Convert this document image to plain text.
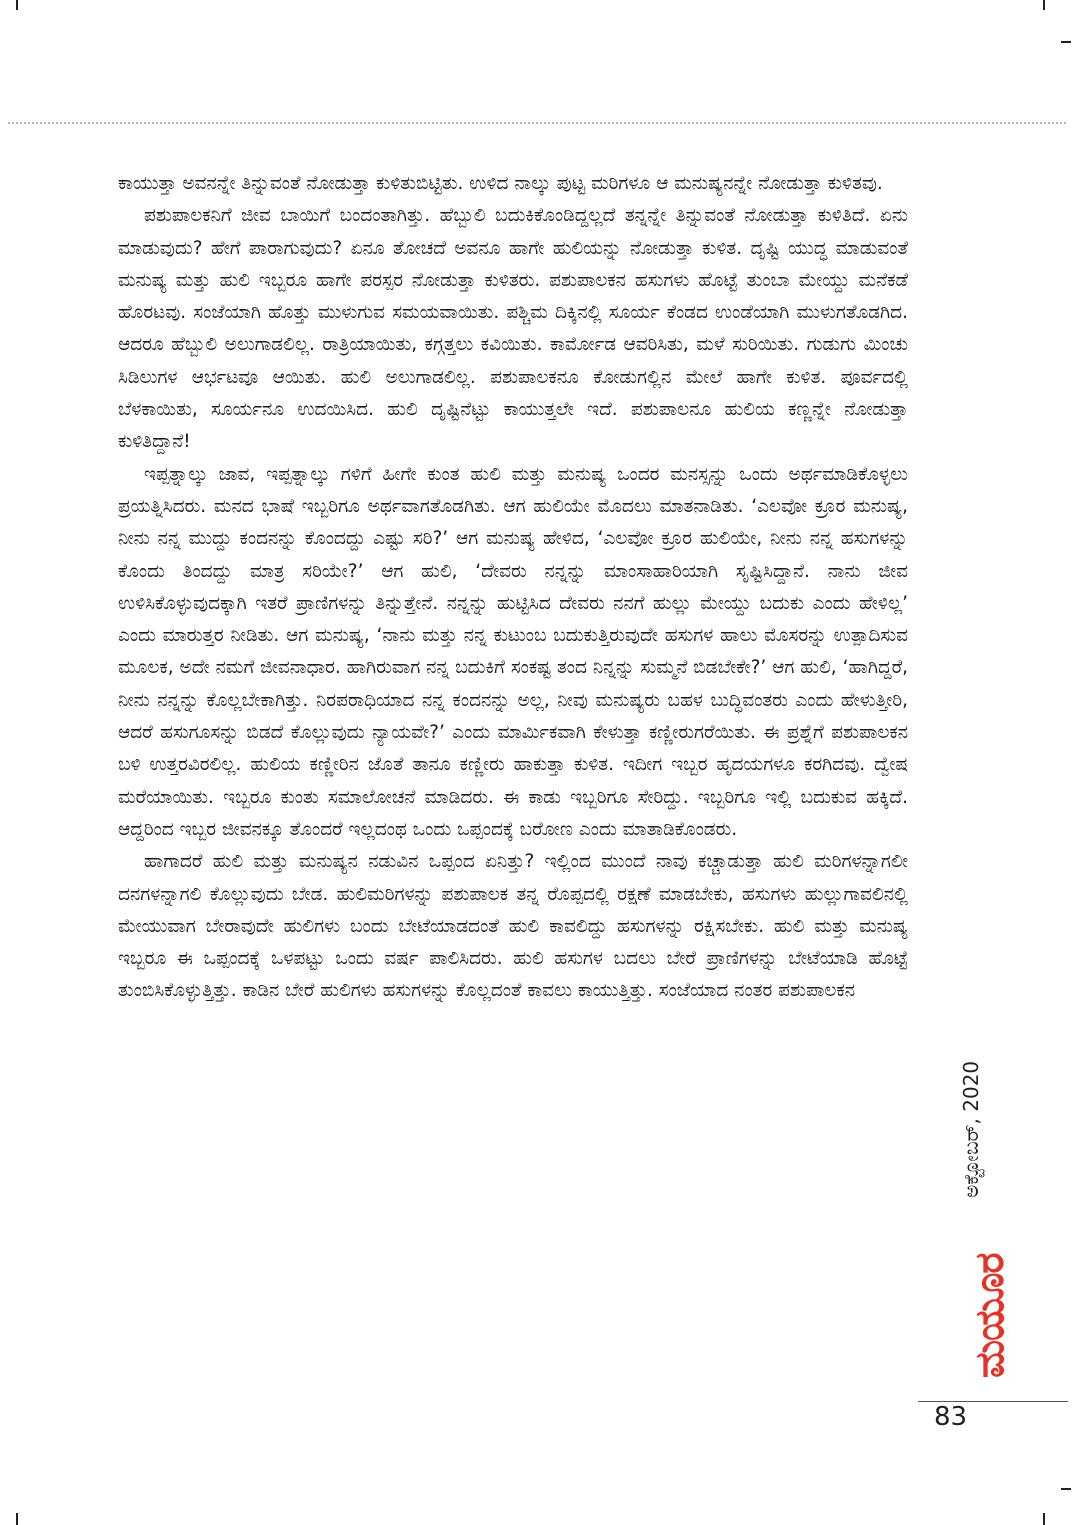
ಕಾಯುತ್ತಾ ಅವನನ್ನೇ ತಿನ್ನುವಂತೆ ನೋಡುತ್ತಾ ಕುಳಿತುಬಿಟ್ಟಿತು. ಉಳಿದ ನಾಲ್ಕು ಪುಟ್ಟ ಮರಿಗಳೂ ಆ ಮನುಷ್ಯನನ್ನೇ ನೋಡುತ್ತಾ ಕುಳಿತವು.

ಪಶುಪಾಲಕನಿಗೆ ಜೀವ ಬಾಯಿಗೆ ಬಂದಂತಾಗಿತ್ತು. ಹೆಬ್ಬುಲಿ ಬದುಕಿಕೊಂಡಿದ್ದಲ್ಲದೆ ತನ್ನನ್ನೇ ತಿನ್ನುವಂತೆ ನೋಡುತ್ತಾ ಕುಳಿತಿದೆ. ಏನು ಮಾಡುವುದು? ಹೇಗೆ ಪಾರಾಗುವುದು? ಏನೂ ತೋಚದೆ ಅವನೂ ಹಾಗೇ ಹುಲಿಯನ್ನು ನೋಡುತ್ತಾ ಕುಳಿತ. ದೃಷ್ಟಿ ಯುದ್ಧ ಮಾಡುವಂತೆ ಮನುಷ್ಯ ಮತ್ತು ಹುಲಿ ಇಬ್ಬರೂ ಹಾಗೇ ಪರಸ್ಪರ ನೋಡುತ್ತಾ ಕುಳಿತರು. ಪಶುಪಾಲಕನ ಹಸುಗಳು ಹೊಟ್ಟೆ ತುಂಬಾ ಮೇಯ್ದು ಮನೆಕಡೆ ಹೊರಟವು. ಸಂಜೆಯಾಗಿ ಹೊತ್ತು ಮುಳುಗುವ ಸಮಯವಾಯಿತು. ಪಶ್ಚಿಮ ದಿಕ್ಕಿನಲ್ಲಿ ಸೂರ್ಯ ಕೆಂಡದ ಉಂಡೆಯಾಗಿ ಮುಳುಗತೊಡಗಿದ. ಆದರೂ ಹೆಬ್ಬುಲಿ ಅಲುಗಾಡಲಿಲ್ಲ. ರಾತ್ರಿಯಾಯಿತು, ಕಗ್ಗತ್ತಲು ಕವಿಯಿತು. ಕಾರ್ಮೋಡ ಆವರಿಸಿತು, ಮಳೆ ಸುರಿಯಿತು. ಗುಡುಗು ಮಿಂಚು ಸಿಡಿಲುಗಳ ಆರ್ಭಟವೂ ಆಯಿತು. ಹುಲಿ ಅಲುಗಾಡಲಿಲ್ಲ. ಪಶುಪಾಲಕನೂ ಕೋಡುಗಲ್ಲಿನ ಮೇಲೆ ಹಾಗೇ ಕುಳಿತ. ಪೂರ್ವದಲ್ಲಿ ಬೆಳಕಾಯಿತು, ಸೂರ್ಯನೂ ಉದಯಿಸಿದ. ಹುಲಿ ದೃಷ್ಟಿನೆಟ್ಟು ಕಾಯುತ್ತಲೇ ಇದೆ. ಪಶುಪಾಲನೂ ಹುಲಿಯ ಕಣ್ಣನ್ನೇ ನೋಡುತ್ತಾ ಕುಳಿತಿದ್ದಾನೆ!

ಇಪ್ಪತ್ನಾಲ್ಕು ಜಾವ, ಇಪ್ಪತ್ನಾಲ್ಕು ಗಳಿಗೆ ಹೀಗೇ ಕುಂತ ಹುಲಿ ಮತ್ತು ಮನುಷ್ಯ ಒಂದರ ಮನಸ್ಸನ್ನು ಒಂದು ಅರ್ಥಮಾಡಿಕೊಳ್ಳಲು ಪ್ರಯತ್ನಿಸಿದರು. ಮನದ ಭಾಷೆ ಇಬ್ಬರಿಗೂ ಅರ್ಥವಾಗತೊಡಗಿತು. ಆಗ ಹುಲಿಯೇ ಮೊದಲು ಮಾತನಾಡಿತು. ‘ಎಲವೋ ಕ್ರೂರ ಮನುಷ್ಯ, ನೀನು ನನ್ನ ಮುದ್ದು ಕಂದನನ್ನು ಕೊಂದದ್ದು ಎಷ್ಟು ಸರಿ?’ ಆಗ ಮನುಷ್ಯ ಹೇಳಿದ, ‘ಎಲವೋ ಕ್ರೂರ ಹುಲಿಯೇ, ನೀನು ನನ್ನ ಹಸುಗಳನ್ನು ಕೊಂದು ತಿಂದದ್ದು ಮಾತ್ರ ಸರಿಯೇ?’ ಆಗ ಹುಲಿ, ‘ದೇವರು ನನ್ನನ್ನು ಮಾಂಸಾಹಾರಿಯಾಗಿ ಸೃಷ್ಟಿಸಿದ್ದಾನೆ. ನಾನು ಜೀವ ಉಳಿಸಿಕೊಳ್ಳುವುದಕ್ಕಾಗಿ ಇತರೆ ಪ್ರಾಣಿಗಳನ್ನು ತಿನ್ನುತ್ತೇನೆ. ನನ್ನನ್ನು ಹುಟ್ಟಿಸಿದ ದೇವರು ನನಗೆ ಹುಲ್ಲು ಮೇಯ್ದು ಬದುಕು ಎಂದು ಹೇಳಿಲ್ಲ’ ಎಂದು ಮಾರುತ್ತರ ನೀಡಿತು. ಆಗ ಮನುಷ್ಯ, ‘ನಾನು ಮತ್ತು ನನ್ನ ಕುಟುಂಬ ಬದುಕುತ್ತಿರುವುದೇ ಹಸುಗಳ ಹಾಲು ಮೊಸರನ್ನು ಉತ್ಪಾದಿಸುವ ಮೂಲಕ, ಅದೇ ನಮಗೆ ಜೀವನಾಧಾರ. ಹಾಗಿರುವಾಗ ನನ್ನ ಬದುಕಿಗೆ ಸಂಕಷ್ಟ ತಂದ ನಿನ್ನನ್ನು ಸುಮ್ಮನೆ ಬಿಡಬೇಕೇ?’ ಆಗ ಹುಲಿ, ‘ಹಾಗಿದ್ದರೆ, ನೀನು ನನ್ನನ್ನು ಕೊಲ್ಲಬೇಕಾಗಿತ್ತು. ನಿರಪರಾಧಿಯಾದ ನನ್ನ ಕಂದನನ್ನು ಅಲ್ಲ, ನೀವು ಮನುಷ್ಯರು ಬಹಳ ಬುದ್ಧಿವಂತರು ಎಂದು ಹೇಳುತ್ತೀರಿ, ಆದರೆ ಹಸುಗೂಸನ್ನು ಬಿಡದೆ ಕೊಲ್ಲುವುದು ನ್ಯಾಯವೇ?’ ಎಂದು ಮಾರ್ಮಿಕವಾಗಿ ಕೇಳುತ್ತಾ ಕಣ್ಣೀರುಗರೆಯಿತು. ಈ ಪ್ರಶ್ನೆಗೆ ಪಶುಪಾಲಕನ ಬಳಿ ಉತ್ತರವಿರಲಿಲ್ಲ. ಹುಲಿಯ ಕಣ್ಣೀರಿನ ಜೊತೆ ತಾನೂ ಕಣ್ಣೀರು ಹಾಕುತ್ತಾ ಕುಳಿತ. ಇದೀಗ ಇಬ್ಬರ ಹೃದಯಗಳೂ ಕರಗಿದವು. ದ್ವೇಷ ಮರೆಯಾಯಿತು. ಇಬ್ಬರೂ ಕುಂತು ಸಮಾಲೋಚನೆ ಮಾಡಿದರು. ಈ ಕಾಡು ಇಬ್ಬರಿಗೂ ಸೇರಿದ್ದು. ಇಬ್ಬರಿಗೂ ಇಲ್ಲಿ ಬದುಕುವ ಹಕ್ಕಿದೆ. ಆದ್ದರಿಂದ ಇಬ್ಬರ ಜೀವನಕ್ಕೂ ತೊಂದರೆ ಇಲ್ಲದಂಥ ಒಂದು ಒಪ್ಪಂದಕ್ಕೆ ಬರೋಣ ಎಂದು ಮಾತಾಡಿಕೊಂಡರು.

ಹಾಗಾದರೆ ಹುಲಿ ಮತ್ತು ಮನುಷ್ಯನ ನಡುವಿನ ಒಪ್ಪಂದ ಏನಿತ್ತು? ಇಲ್ಲಿಂದ ಮುಂದೆ ನಾವು ಕಚ್ಚಾಡುತ್ತಾ ಹುಲಿ ಮರಿಗಳನ್ನಾಗಲೀ ದನಗಳನ್ನಾಗಲಿ ಕೊಲ್ಲುವುದು ಬೇಡ. ಹುಲಿಮರಿಗಳನ್ನು ಪಶುಪಾಲಕ ತನ್ನ ರೊಪ್ಪದಲ್ಲಿ ರಕ್ಷಣೆ ಮಾಡಬೇಕು, ಹಸುಗಳು ಹುಲ್ಲುಗಾವಲಿನಲ್ಲಿ ಮೇಯುವಾಗ ಬೇರಾವುದೇ ಹುಲಿಗಳು ಬಂದು ಬೇಟೆಯಾಡದಂತೆ ಹುಲಿ ಕಾವಲಿದ್ದು ಹಸುಗಳನ್ನು ರಕ್ಷಿಸಬೇಕು. ಹುಲಿ ಮತ್ತು ಮನುಷ್ಯ ಇಬ್ಬರೂ ಈ ಒಪ್ಪಂದಕ್ಕೆ ಒಳಪಟ್ಟು ಒಂದು ವರ್ಷ ಪಾಲಿಸಿದರು. ಹುಲಿ ಹಸುಗಳ ಬದಲು ಬೇರೆ ಪ್ರಾಣಿಗಳನ್ನು ಬೇಟೆಯಾಡಿ ಹೊಟ್ಟೆ ತುಂಬಿಸಿಕೊಳ್ಳುತ್ತಿತ್ತು. ಕಾಡಿನ ಬೇರೆ ಹುಲಿಗಳು ಹಸುಗಳನ್ನು ಕೊಲ್ಲದಂತೆ ಕಾವಲು ಕಾಯುತ್ತಿತ್ತು. ಸಂಜೆಯಾದ ನಂತರ ಪಶುಪಾಲಕನ

ಅಕ್ಟೋಬರ್, 2020
ಮಯೂರ
83
